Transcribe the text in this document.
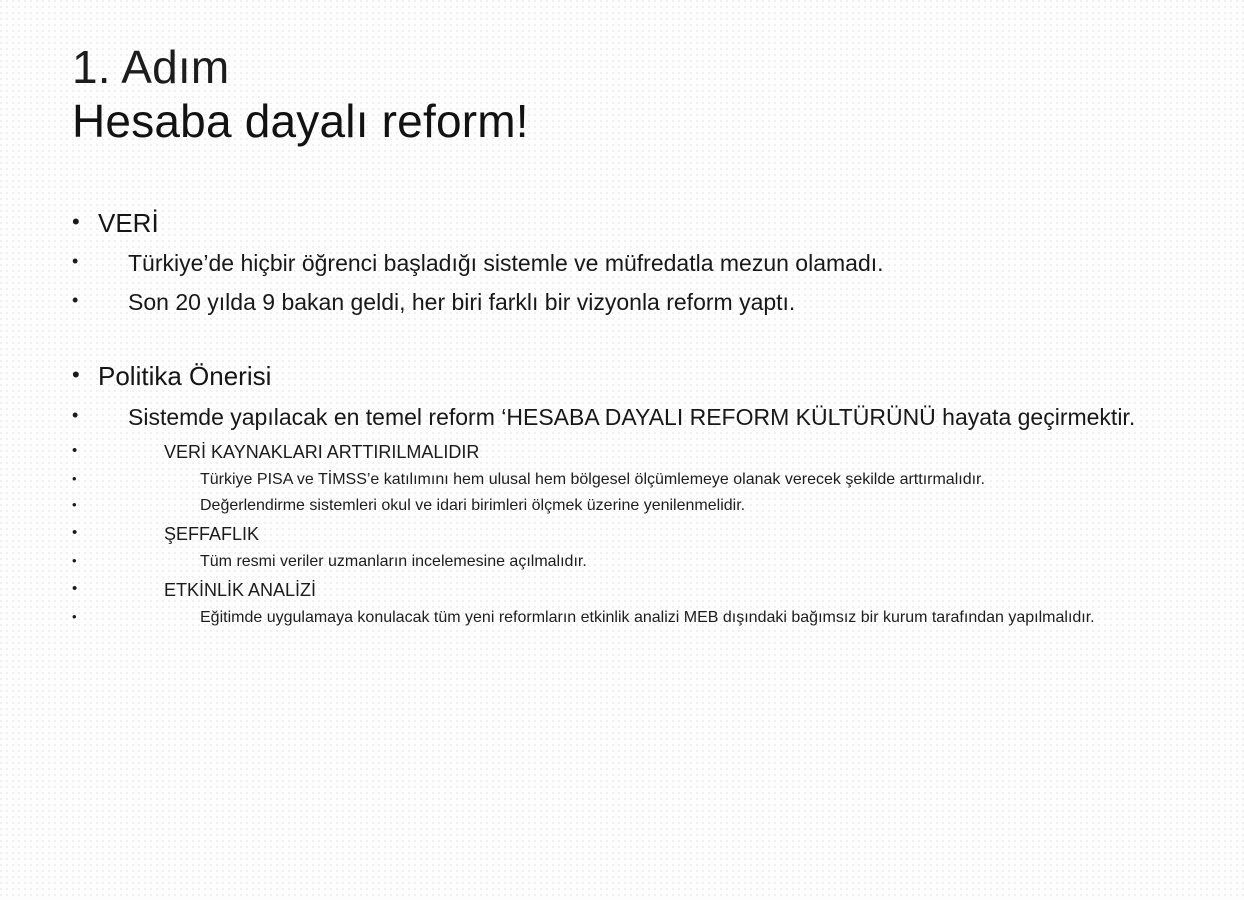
1. Adım
Hesaba dayalı reform!
• VERİ
• Türkiye’de hiçbir öğrenci başladığı sistemle ve müfredatla mezun olamadı.
• Son 20 yılda 9 bakan geldi, her biri farklı bir vizyonla reform yaptı.
• Politika Önerisi
• Sistemde yapılacak en temel reform ‘HESABA DAYALI REFORM KÜLTÜRÜNÜ hayata geçirmektir.
•	VERİ KAYNAKLARI ARTTIRILMALIDIR
•	Türkiye PISA ve TİMSS’e katılımını hem ulusal hem bölgesel ölçümlemeye olanak verecek şekilde arttırmalıdır.
•	Değerlendirme sistemleri okul ve idari birimleri ölçmek üzerine yenilenmelidir.
•	ŞEFFAFLIK
•	Tüm resmi veriler uzmanların incelemesine açılmalıdır.
•	ETKİNLİK ANALİZİ
•	Eğitimde uygulamaya konulacak tüm yeni reformların etkinlik analizi MEB dışındaki bağımsız bir kurum tarafından yapılmalıdır.
